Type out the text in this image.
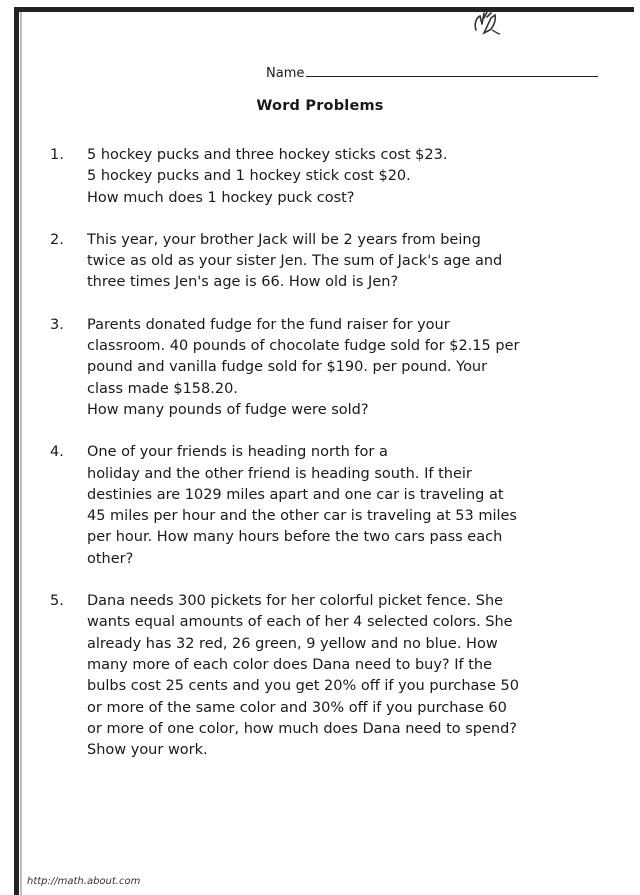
Name
Word Problems
1.	5 hockey pucks and three hockey sticks cost $23.
5 hockey pucks and 1 hockey stick cost $20.
How much does 1 hockey puck cost?
2.	This year, your brother Jack will be 2 years from being
twice as old as your sister Jen. The sum of Jack's age and
three times Jen's age is 66. How old is Jen?
3.	Parents donated fudge for the fund raiser for your
classroom. 40 pounds of chocolate fudge sold for $2.15 per
pound and vanilla fudge sold for $190. per pound. Your
class made $158.20.
How many pounds of fudge were sold?
4.	One of your friends is heading north for a
holiday and the other friend is heading south. If their
destinies are 1029 miles apart and one car is traveling at
45 miles per hour and the other car is traveling at 53 miles
per hour. How many hours before the two cars pass each
other?
5.	Dana needs 300 pickets for her colorful picket fence. She
wants equal amounts of each of her 4 selected colors. She
already has 32 red, 26 green, 9 yellow and no blue. How
many more of each color does Dana need to buy? If the
bulbs cost 25 cents and you get 20% off if you purchase 50
or more of the same color and 30% off if you purchase 60
or more of one color, how much does Dana need to spend?
Show your work.
http://math.about.com
